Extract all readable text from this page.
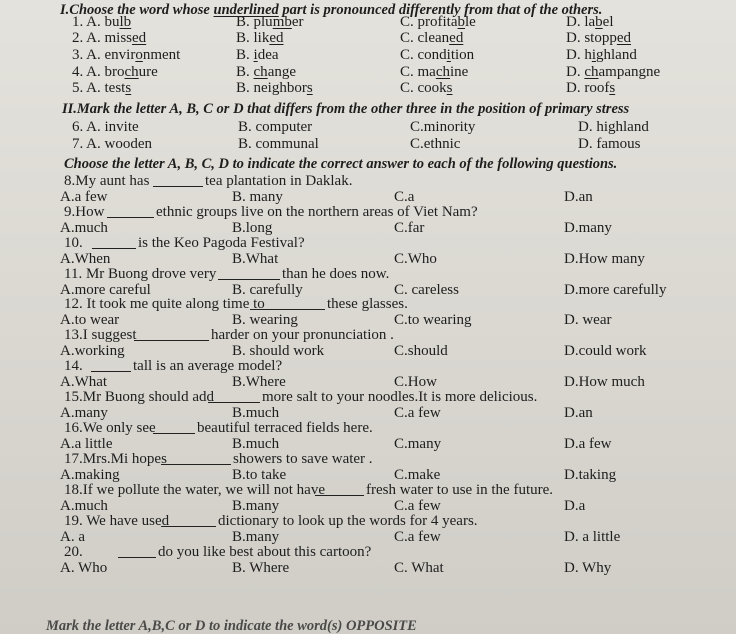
I.Choose the word whose underlined part is pronounced differently from that of the others.
1. A. bulb	B. plumber	C. profitable	D. label
2. A. missed	B. liked	C. cleaned	D. stopped
3. A. environment	B. idea	C. condition	D. highland
4. A. brochure	B. change	C. machine	D. champangne
5. A. tests	B. neighbors	C. cooks	D. roofs
II.Mark the letter A, B, C or D that differs from the other three in the position of primary stress
6. A. invite	B. computer	C.minority	D. highland
7. A. wooden	B. communal	C.ethnic	D. famous
Choose the letter A, B, C, D to indicate the correct answer to each of the following questions.
8.My aunt has	tea plantation in Daklak.
A.a few	B. many	C.a	D.an
9.How	ethnic groups live on the northern areas of Viet Nam?
A.much	B.long	C.far	D.many
10.	is the Keo Pagoda Festival?
A.When	B.What	C.Who	D.How many
11. Mr Buong drove very	than he does now.
A.more careful	B. carefully	C. careless	D.more carefully
12. It took me quite along time to	these glasses.
A.to wear	B. wearing	C.to wearing	D. wear
13.I suggest	harder on your pronunciation .
A.working	B. should work	C.should	D.could work
14.	tall is an average model?
A.What	B.Where	C.How	D.How much
15.Mr Buong should add	more salt to your noodles.It is more delicious.
A.many	B.much	C.a few	D.an
16.We only see	beautiful terraced fields here.
A.a little	B.much	C.many	D.a few
17.Mrs.Mi hopes	showers to save water .
A.making	B.to take	C.make	D.taking
18.If we pollute the water, we will not have	fresh water to use in the future.
A.much	B.many	C.a few	D.a
19. We have used	dictionary to look up the words for 4 years.
A. a	B.many	C.a few	D. a little
20.	do you like best about this cartoon?
A. Who	B. Where	C. What	D. Why
Mark the letter A,B,C or D to indicate the word(s) OPPOSITE
